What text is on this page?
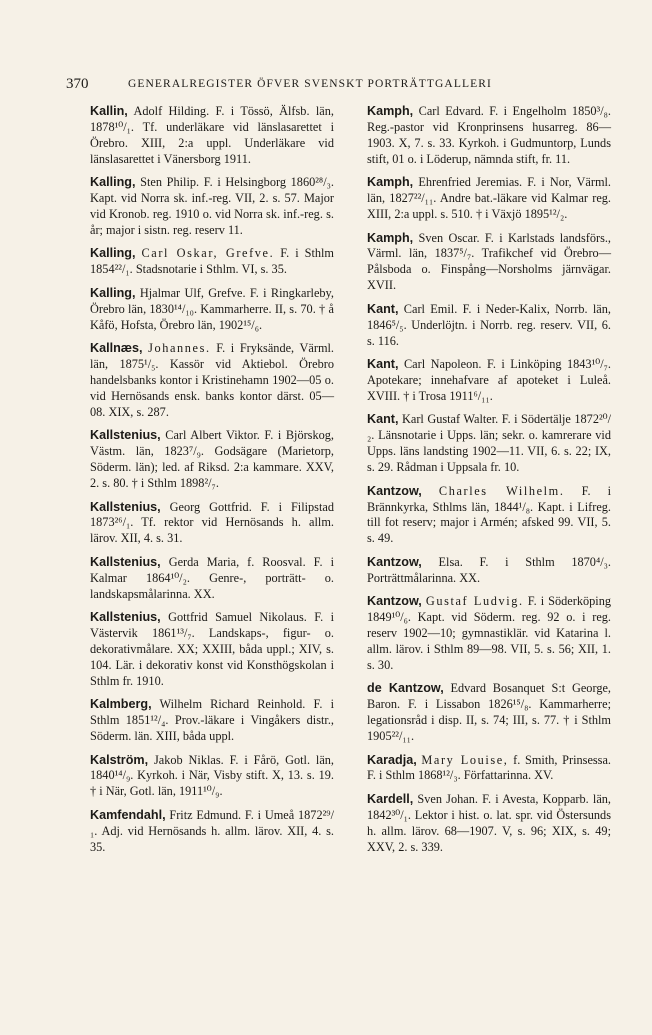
370	GENERALREGISTER ÖFVER SVENSKT PORTRÄTTGALLERI

Kallin, Adolf Hilding. F. i Tössö, Älfsb. län, 1878¹⁰/₁. Tf. underläkare vid länslasarettet i Örebro. XIII, 2:a uppl. Underläkare vid länslasarettet i Vänersborg 1911.

Kalling, Sten Philip. F. i Helsingborg 1860²⁸/₃. Kapt. vid Norra sk. inf.-reg. VII, 2. s. 57. Major vid Kronob. reg. 1910 o. vid Norra sk. inf.-reg. s. år; major i sistn. reg. reserv 11.

Kalling, Carl Oskar, Grefve. F. i Sthlm 1854²²/₁. Stadsnotarie i Sthlm. VI, s. 35.

Kalling, Hjalmar Ulf, Grefve. F. i Ringkarleby, Örebro län, 1830¹⁴/₁₀. Kammarherre. II, s. 70. † å Kåfö, Hofsta, Örebro län, 1902¹⁵/₆.

Kallnæs, Johannes. F. i Fryksände, Värml. län, 1875¹/₅. Kassör vid Aktiebol. Örebro handelsbanks kontor i Kristinehamn 1902—05 o. vid Hernösands ensk. banks kontor därst. 05—08. XIX, s. 287.

Kallstenius, Carl Albert Viktor. F. i Björskog, Västm. län, 1823⁷/₉. Godsägare (Marietorp, Söderm. län); led. af Riksd. 2:a kammare. XXV, 2. s. 80. † i Sthlm 1898²/₇.

Kallstenius, Georg Gottfrid. F. i Filipstad 1873²⁶/₁. Tf. rektor vid Hernösands h. allm. lärov. XII, 4. s. 31.

Kallstenius, Gerda Maria, f. Roosval. F. i Kalmar 1864¹⁰/₂. Genre-, porträtt- o. landskapsmålarinna. XX.

Kallstenius, Gottfrid Samuel Nikolaus. F. i Västervik 1861¹³/₇. Landskaps-, figur- o. dekorativmålare. XX; XXIII, båda uppl.; XIV, s. 104. Lär. i dekorativ konst vid Konsthögskolan i Sthlm fr. 1910.

Kalmberg, Wilhelm Richard Reinhold. F. i Sthlm 1851¹²/₄. Prov.-läkare i Vingåkers distr., Söderm. län. XIII, båda uppl.

Kalström, Jakob Niklas. F. i Fårö, Gotl. län, 1840¹⁴/₉. Kyrkoh. i När, Visby stift. X, 13. s. 19. † i När, Gotl. län, 1911¹⁰/₉.

Kamfendahl, Fritz Edmund. F. i Umeå 1872²⁹/₁. Adj. vid Hernösands h. allm. lärov. XII, 4. s. 35.

Kamph, Carl Edvard. F. i Engelholm 1850³/₈. Reg.-pastor vid Kronprinsens husarreg. 86—1903. X, 7. s. 33. Kyrkoh. i Gudmuntorp, Lunds stift, 01 o. i Löderup, nämnda stift, fr. 11.

Kamph, Ehrenfried Jeremias. F. i Nor, Värml. län, 1827²²/₁₁. Andre bat.-läkare vid Kalmar reg. XIII, 2:a uppl. s. 510. † i Växjö 1895¹²/₂.

Kamph, Sven Oscar. F. i Karlstads landsförs., Värml. län, 1837⁵/₇. Trafikchef vid Örebro—Pålsboda o. Finspång—Norsholms järnvägar. XVII.

Kant, Carl Emil. F. i Neder-Kalix, Norrb. län, 1846⁵/₅. Underlöjtn. i Norrb. reg. reserv. VII, 6. s. 116.

Kant, Carl Napoleon. F. i Linköping 1843¹⁰/₇. Apotekare; innehafvare af apoteket i Luleå. XVIII. † i Trosa 1911⁶/₁₁.

Kant, Karl Gustaf Walter. F. i Södertälje 1872²⁰/₂. Länsnotarie i Upps. län; sekr. o. kamrerare vid Upps. läns landsting 1902—11. VII, 6. s. 22; IX, s. 29. Rådman i Uppsala fr. 10.

Kantzow, Charles Wilhelm. F. i Brännkyrka, Sthlms län, 1844¹/₈. Kapt. i Lifreg. till fot reserv; major i Armén; afsked 99. VII, 5. s. 49.

Kantzow, Elsa. F. i Sthlm 1870⁴/₃. Porträttmålarinna. XX.

Kantzow, Gustaf Ludvig. F. i Söderköping 1849¹⁰/₆. Kapt. vid Söderm. reg. 92 o. i reg. reserv 1902—10; gymnastiklär. vid Katarina l. allm. lärov. i Sthlm 89—98. VII, 5. s. 56; XII, 1. s. 30.

de Kantzow, Edvard Bosanquet S:t George, Baron. F. i Lissabon 1826¹⁵/₈. Kammarherre; legationsråd i disp. II, s. 74; III, s. 77. † i Sthlm 1905²²/₁₁.

Karadja, Mary Louise, f. Smith, Prinsessa. F. i Sthlm 1868¹²/₃. Författarinna. XV.

Kardell, Sven Johan. F. i Avesta, Kopparb. län, 1842³⁰/₁. Lektor i hist. o. lat. spr. vid Östersunds h. allm. lärov. 68—1907. V, s. 96; XIX, s. 49; XXV, 2. s. 339.
